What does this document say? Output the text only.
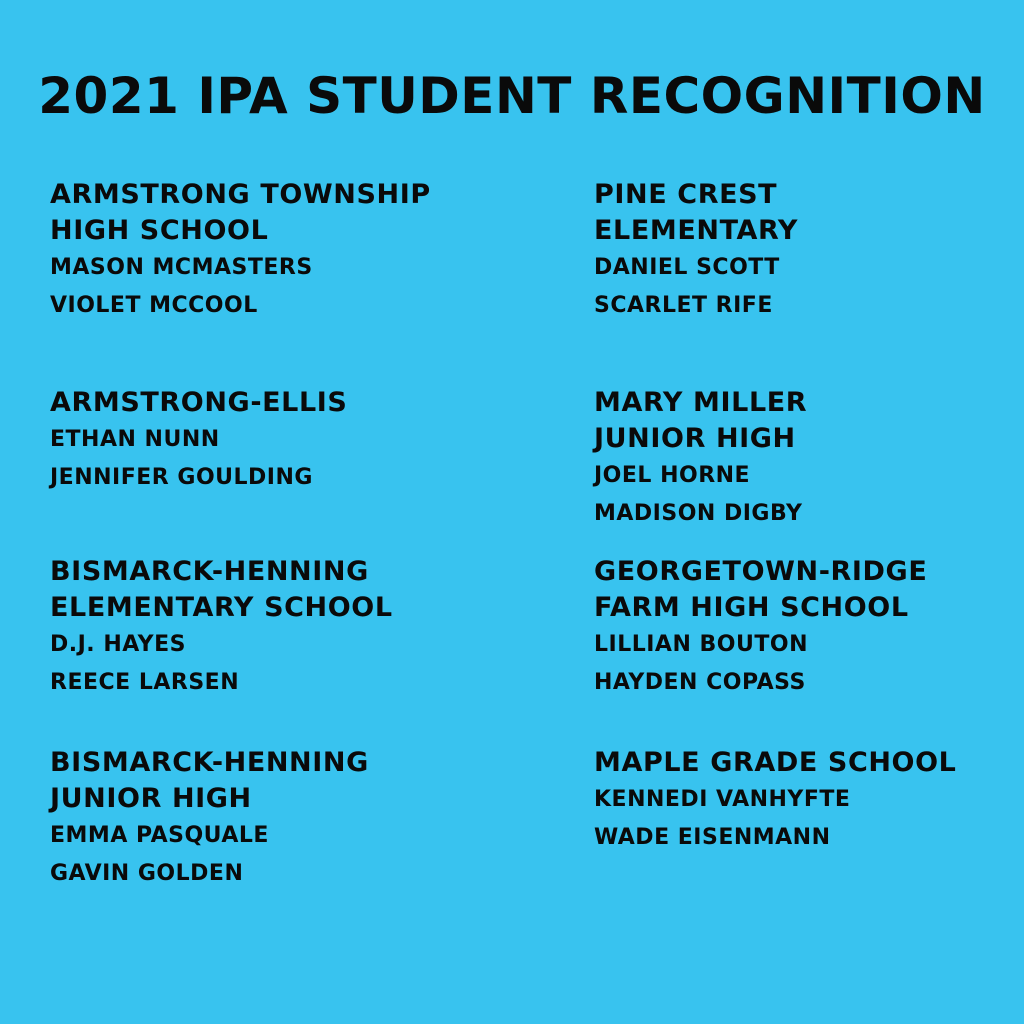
2021 IPA STUDENT RECOGNITION
ARMSTRONG TOWNSHIP
HIGH SCHOOL
MASON MCMASTERS
VIOLET MCCOOL
ARMSTRONG-ELLIS
ETHAN NUNN
JENNIFER GOULDING
BISMARCK-HENNING
ELEMENTARY SCHOOL
D.J. HAYES
REECE LARSEN
BISMARCK-HENNING
JUNIOR HIGH
EMMA PASQUALE
GAVIN GOLDEN
PINE CREST
ELEMENTARY
DANIEL SCOTT
SCARLET RIFE
MARY MILLER
JUNIOR HIGH
JOEL HORNE
MADISON DIGBY
GEORGETOWN-RIDGE
FARM HIGH SCHOOL
LILLIAN BOUTON
HAYDEN COPASS
MAPLE GRADE SCHOOL
KENNEDI VANHYFTE
WADE EISENMANN
